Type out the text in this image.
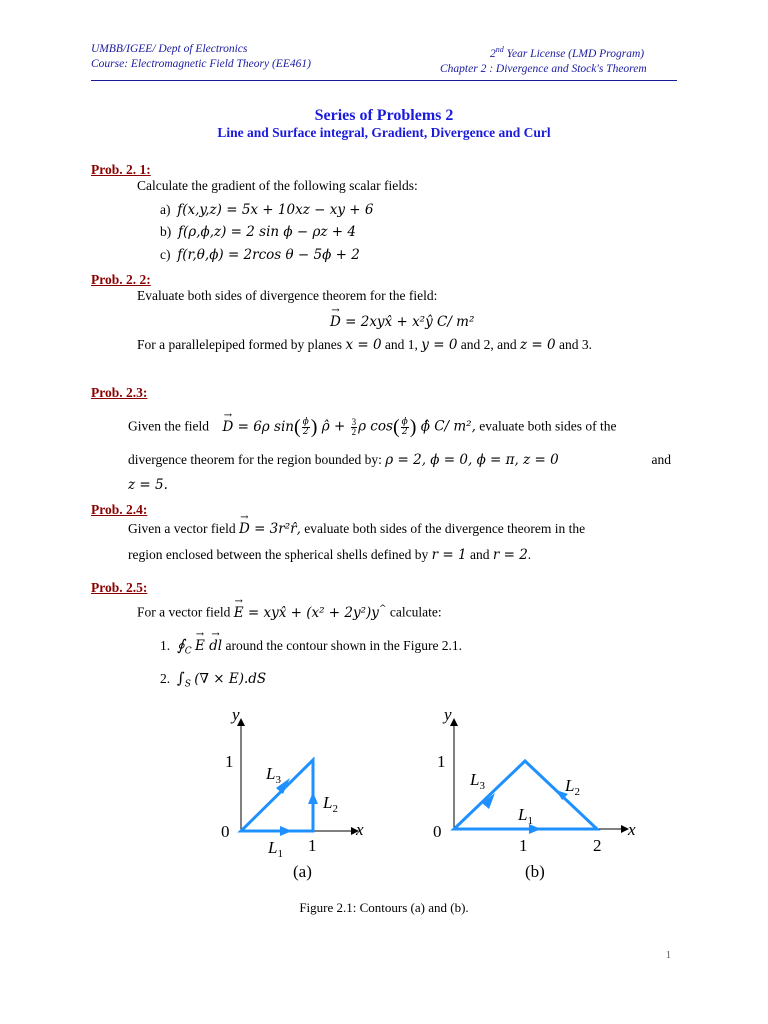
UMBB/IGEE/ Dept of Electronics
Course: Electromagnetic Field Theory (EE461)
2nd Year License (LMD Program)
Chapter 2 : Divergence and Stock's Theorem
Series of Problems 2
Line and Surface integral, Gradient, Divergence and Curl
Prob. 2. 1:
Calculate the gradient of the following scalar fields:
a) f(x,y,z) = 5x + 10xz − xy + 6
b) f(ρ,ϕ,z) = 2 sin ϕ − ρz + 4
c) f(r,θ,ϕ) = 2rcos θ − 5ϕ + 2
Prob. 2. 2:
Evaluate both sides of divergence theorem for the field:
→ D = 2xyx̂ + x²ŷ C/ m²
For a parallelepiped formed by planes x = 0 and 1, y = 0 and 2, and z = 0 and 3.
Prob. 2.3:
Given the field → D = 6ρ $\sin( \frac{\phi}{2}$ ) ρ̂ + $\frac{3}{2}$ ρ $\cos( \frac{\phi}{2}$ ) ϕ̂ C/ m², evaluate both sides of the
divergence theorem for the region bounded by: ρ = 2, ϕ = 0, ϕ = π, z = 0	and
z = 5.
Prob. 2.4:
Given a vector field → D = 3r²r̂, evaluate both sides of the divergence theorem in the
region enclosed between the spherical shells defined by r = 1 and r = 2.
Prob. 2.5:
For a vector field → E = xyx̂ + (x² + 2y²)y^ calculate:
1. $∮_C \to E$ → dl around the contour shown in the Figure 2.1.
2. $\int_S$ (∇ × E).dS
y
x
0
1
1
$L_3$
$L_2$
$L_1$
(a)
y
x
0
1
1	2
$L_3$	$L_2$
$L_1$
(b)
Figure 2.1: Contours (a) and (b).
1
